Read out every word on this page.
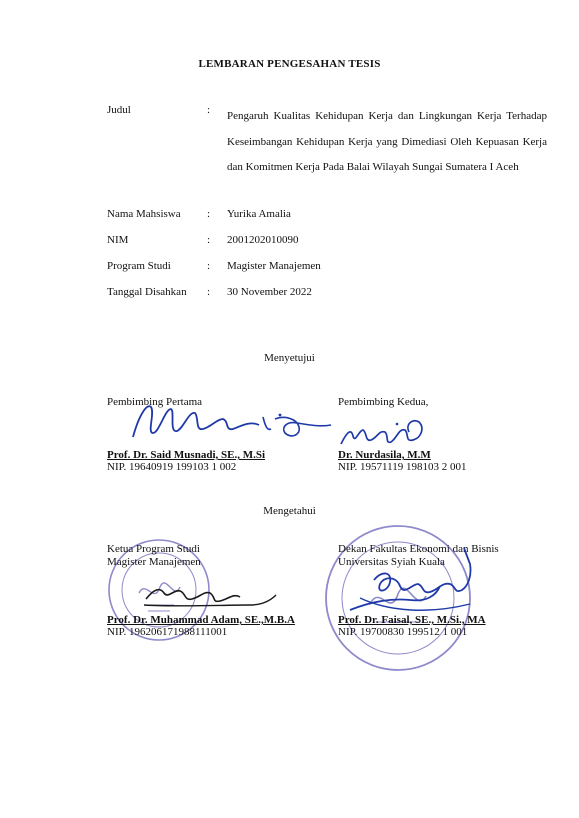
LEMBARAN PENGESAHAN TESIS
Judul	: Pengaruh Kualitas Kehidupan Kerja dan Lingkungan Kerja Terhadap Keseimbangan Kehidupan Kerja yang Dimediasi Oleh Kepuasan Kerja dan Komitmen Kerja Pada Balai Wilayah Sungai Sumatera I Aceh
Nama Mahsiswa : Yurika Amalia
NIM	: 2001202010090
Program Studi	: Magister Manajemen
Tanggal Disahkan : 30 November 2022
Menyetujui
Pembimbing Pertama
Prof. Dr. Said Musnadi, SE., M.Si
NIP. 19640919 199103 1 002
Pembimbing Kedua,
Dr. Nurdasila, M.M
NIP. 19571119 198103 2 001
Mengetahui
Ketua Program Studi
Magister Manajemen
Prof. Dr. Muhammad Adam, SE.,M.B.A
NIP. 196206171988111001
Dekan Fakultas Ekonomi dan Bisnis
Universitas Syiah Kuala
Prof. Dr. Faisal, SE., M.Si., MA
NIP. 19700830 199512 1 001
